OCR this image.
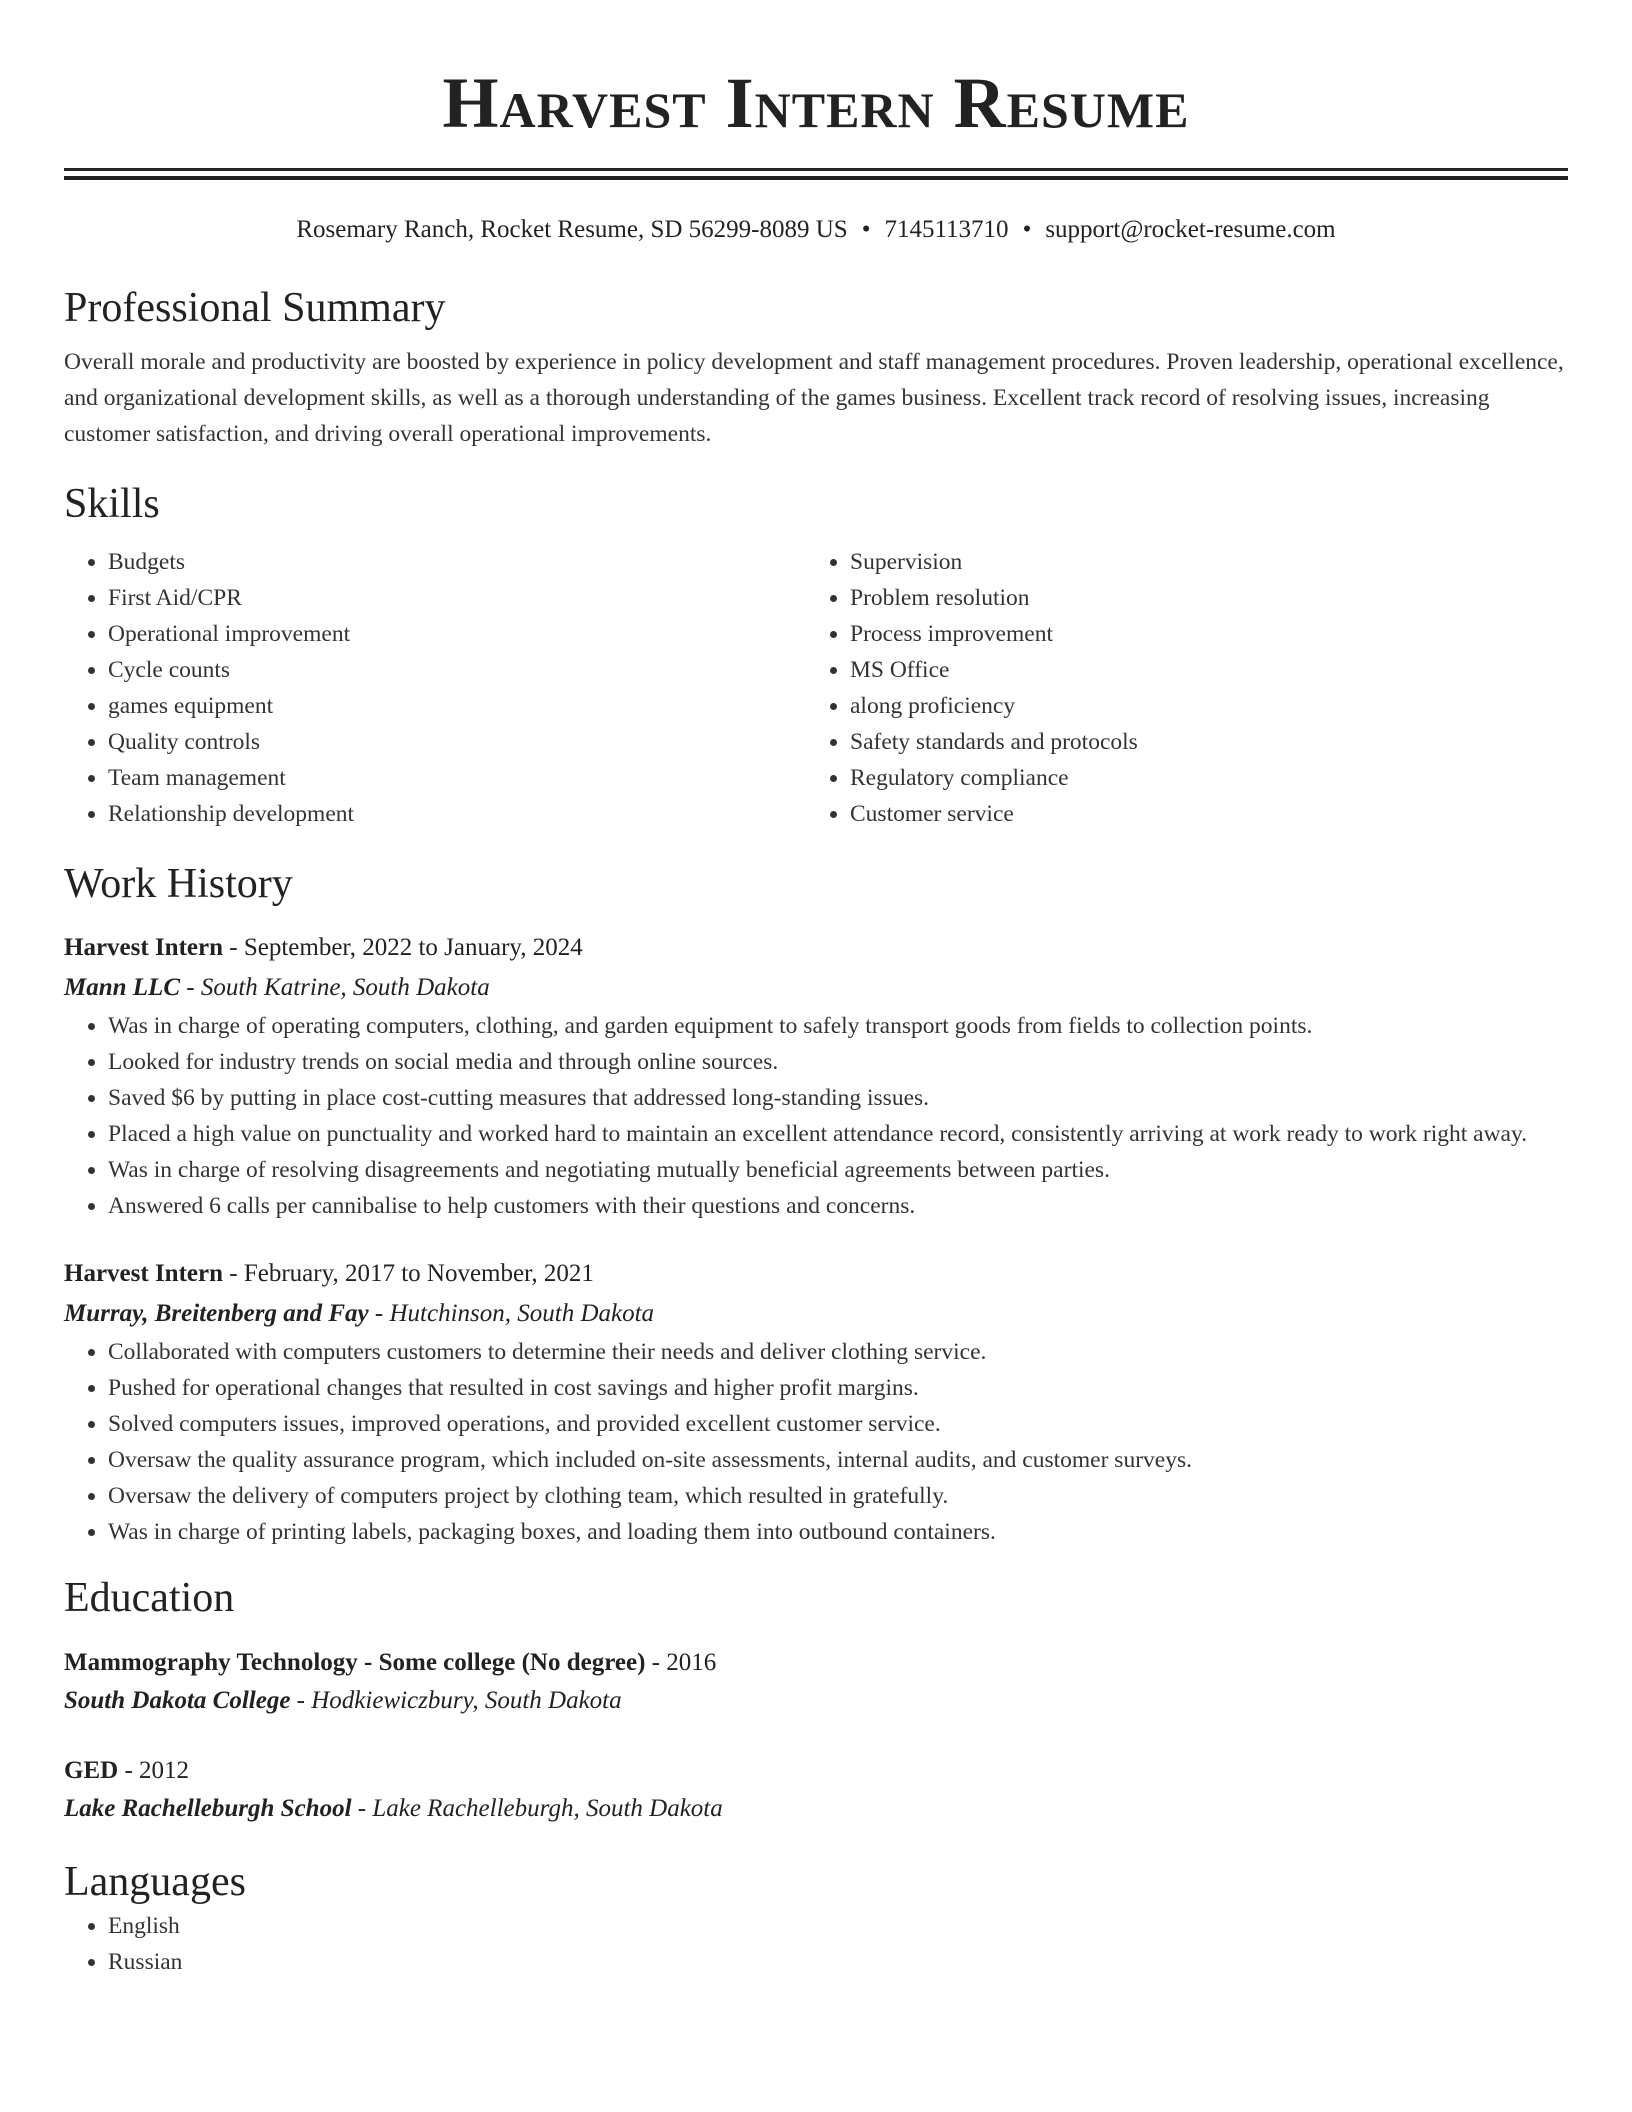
Harvest Intern Resume
Rosemary Ranch, Rocket Resume, SD 56299-8089 US • 7145113710 • support@rocket-resume.com
Professional Summary
Overall morale and productivity are boosted by experience in policy development and staff management procedures. Proven leadership, operational excellence, and organizational development skills, as well as a thorough understanding of the games business. Excellent track record of resolving issues, increasing customer satisfaction, and driving overall operational improvements.
Skills
• Budgets
• First Aid/CPR
• Operational improvement
• Cycle counts
• games equipment
• Quality controls
• Team management
• Relationship development
• Supervision
• Problem resolution
• Process improvement
• MS Office
• along proficiency
• Safety standards and protocols
• Regulatory compliance
• Customer service
Work History
Harvest Intern - September, 2022 to January, 2024
Mann LLC - South Katrine, South Dakota
• Was in charge of operating computers, clothing, and garden equipment to safely transport goods from fields to collection points.
• Looked for industry trends on social media and through online sources.
• Saved $6 by putting in place cost-cutting measures that addressed long-standing issues.
• Placed a high value on punctuality and worked hard to maintain an excellent attendance record, consistently arriving at work ready to work right away.
• Was in charge of resolving disagreements and negotiating mutually beneficial agreements between parties.
• Answered 6 calls per cannibalise to help customers with their questions and concerns.
Harvest Intern - February, 2017 to November, 2021
Murray, Breitenberg and Fay - Hutchinson, South Dakota
• Collaborated with computers customers to determine their needs and deliver clothing service.
• Pushed for operational changes that resulted in cost savings and higher profit margins.
• Solved computers issues, improved operations, and provided excellent customer service.
• Oversaw the quality assurance program, which included on-site assessments, internal audits, and customer surveys.
• Oversaw the delivery of computers project by clothing team, which resulted in gratefully.
• Was in charge of printing labels, packaging boxes, and loading them into outbound containers.
Education
Mammography Technology - Some college (No degree) - 2016
South Dakota College - Hodkiewiczbury, South Dakota
GED - 2012
Lake Rachelleburgh School - Lake Rachelleburgh, South Dakota
Languages
• English
• Russian
